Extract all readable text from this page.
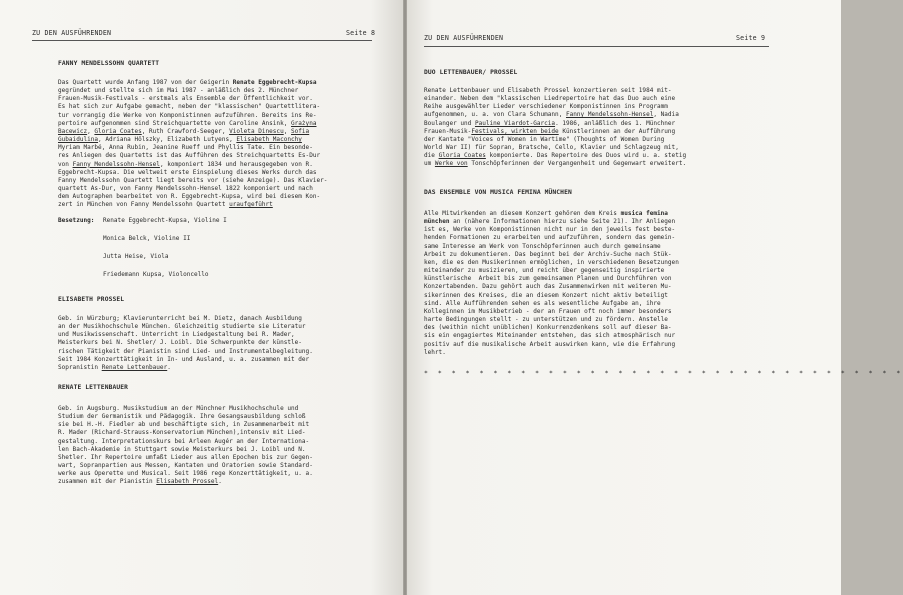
ZU DEN AUSFÜHRENDEN	Seite 8
FANNY MENDELSSOHN QUARTETT
Das Quartett wurde Anfang 1987 von der Geigerin Renate Eggebrecht-Kupsa
gegründet und stellte sich im Mai 1987 - anläßlich des 2. Münchner
Frauen-Musik-Festivals - erstmals als Ensemble der Öffentlichkeit vor.
Es hat sich zur Aufgabe gemacht, neben der "klassischen" Quartettlitera-
tur vorrangig die Werke von Komponistinnen aufzuführen. Bereits ins Re-
pertoire aufgenommen sind Streichquartette von Caroline Ansink, Grażyna
Bacewicz, Gloria Coates, Ruth Crawford-Seeger, Violeta Dinescu, Sofia
Gubaidulina, Adriana Hölszky, Elizabeth Lutyens, Elisabeth Maconchy
Myriam Marbé, Anna Rubin, Jeanine Rueff und Phyllis Tate. Ein besonde-
res Anliegen des Quartetts ist das Aufführen des Streichquartetts Es-Dur
von Fanny Mendelssohn-Hensel, komponiert 1834 und herausgegeben von R.
Eggebrecht-Kupsa. Die weltweit erste Einspielung dieses Werks durch das
Fanny Mendelssohn Quartett liegt bereits vor (siehe Anzeige). Das Klavier-
quartett As-Dur, von Fanny Mendelssohn-Hensel 1822 komponiert und nach
dem Autographen bearbeitet von R. Eggebrecht-Kupsa, wird bei diesem Kon-
zert in München von Fanny Mendelssohn Quartett uraufgeführt
Besetzung: Renate Eggebrecht-Kupsa, Violine I
Monica Belck, Violine II
Jutta Heise, Viola
Friedemann Kupsa, Violoncello
ELISABETH PROSSEL
Geb. in Würzburg; Klavierunterricht bei M. Dietz, danach Ausbildung
an der Musikhochschule München. Gleichzeitig studierte sie Literatur
und Musikwissenschaft. Unterricht in Liedgestaltung bei R. Mader,
Meisterkurs bei N. Shetler/ J. Loibl. Die Schwerpunkte der künstle-
rischen Tätigkeit der Pianistin sind Lied- und Instrumentalbegleitung.
Seit 1984 Konzerttätigkeit in In- und Ausland, u. a. zusammen mit der
Sopranistin Renate Lettenbauer.
RENATE LETTENBAUER
Geb. in Augsburg. Musikstudium an der Münchner Musikhochschule und
Studium der Germanistik und Pädagogik. Ihre Gesangsausbildung schloß
sie bei H.-H. Fiedler ab und beschäftigte sich, in Zusammenarbeit mit
R. Mader (Richard-Strauss-Konservatorium München),intensiv mit Lied-
gestaltung. Interpretationskurs bei Arleen Augér an der Internationa-
len Bach-Akademie in Stuttgart sowie Meisterkurs bei J. Loibl und N.
Shetler. Ihr Repertoire umfaßt Lieder aus allen Epochen bis zur Gegen-
wart, Sopranpartien aus Messen, Kantaten und Oratorien sowie Standard-
werke aus Operette und Musical. Seit 1986 rege Konzerttätigkeit, u. a.
zusammen mit der Pianistin Elisabeth Prossel.
ZU DEN AUSFÜHRENDEN	Seite 9
DUO LETTENBAUER/ PROSSEL
Renate Lettenbauer und Elisabeth Prossel konzertieren seit 1984 mit-
einander. Neben dem "klassischen Liedrepertoire hat das Duo auch eine
Reihe ausgewählter Lieder verschiedener Komponistinnen ins Programm
aufgenommen, u. a. von Clara Schumann, Fanny Mendelssohn-Hensel, Nadia
Boulanger und Pauline Viardot-Garcia. 1986, anläßlich des 1. Münchner
Frauen-Musik-Festivals, wirkten beide Künstlerinnen an der Aufführung
der Kantate "Voices of Women in Wartime" (Thoughts of Women During
World War II) für Sopran, Bratsche, Cello, Klavier und Schlagzeug mit,
die Gloria Coates komponierte. Das Repertoire des Duos wird u. a. stetig
um Werke von Tonschöpferinnen der Vergangenheit und Gegenwart erweitert.
DAS ENSEMBLE VON MUSICA FEMINA MÜNCHEN
Alle Mitwirkenden an diesem Konzert gehören dem Kreis musica femina
münchen an (nähere Informationen hierzu siehe Seite 21). Ihr Anliegen
ist es, Werke von Komponistinnen nicht nur in den jeweils fest beste-
henden Formationen zu erarbeiten und aufzuführen, sondern das gemein-
same Interesse am Werk von Tonschöpferinnen auch durch gemeinsame
Arbeit zu dokumentieren. Das beginnt bei der Archiv-Suche nach Stük-
ken, die es den Musikerinnen ermöglichen, in verschiedenen Besetzungen
miteinander zu musizieren, und reicht über gegenseitig inspirierte
künstlerische  Arbeit bis zum gemeinsamen Planen und Durchführen von
Konzertabenden. Dazu gehört auch das Zusammenwirken mit weiteren Mu-
sikerinnen des Kreises, die an diesem Konzert nicht aktiv beteiligt
sind. Alle Aufführenden sehen es als wesentliche Aufgabe an, ihre
Kolleginnen im Musikbetrieb - der an Frauen oft noch immer besonders
harte Bedingungen stellt - zu unterstützen und zu fördern. Anstelle
des (weithin nicht unüblichen) Konkurrenzdenkens soll auf dieser Ba-
sis ein engagiertes Miteinander entstehen, das sich atmosphärisch nur
positiv auf die musikalische Arbeit auswirken kann, wie die Erfahrung
lehrt.
* * * * * * * * * * * * * * * * * * * * * * * * * * * * * * * * * * *
